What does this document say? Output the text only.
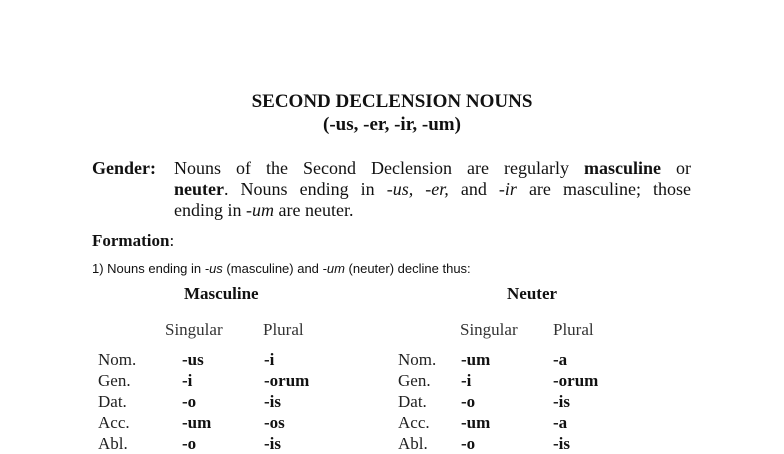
SECOND DECLENSION NOUNS
(-us, -er, -ir, -um)
Gender: Nouns of the Second Declension are regularly masculine or
neuter. Nouns ending in -us, -er, and -ir are masculine; those
ending in -um are neuter.
Formation:
1) Nouns ending in -us (masculine) and -um (neuter) decline thus:
Masculine	Neuter
Singular Plural	Singular Plural
Nom.
Gen.
Dat.
Acc.
Abl.
-us
-i
-o
-um
-o
-i
-orum
-is
-os
-is
Nom.
Gen.
Dat.
Acc.
Abl.
-um
-i
-o
-um
-o
-a
-orum
-is
-a
-is
